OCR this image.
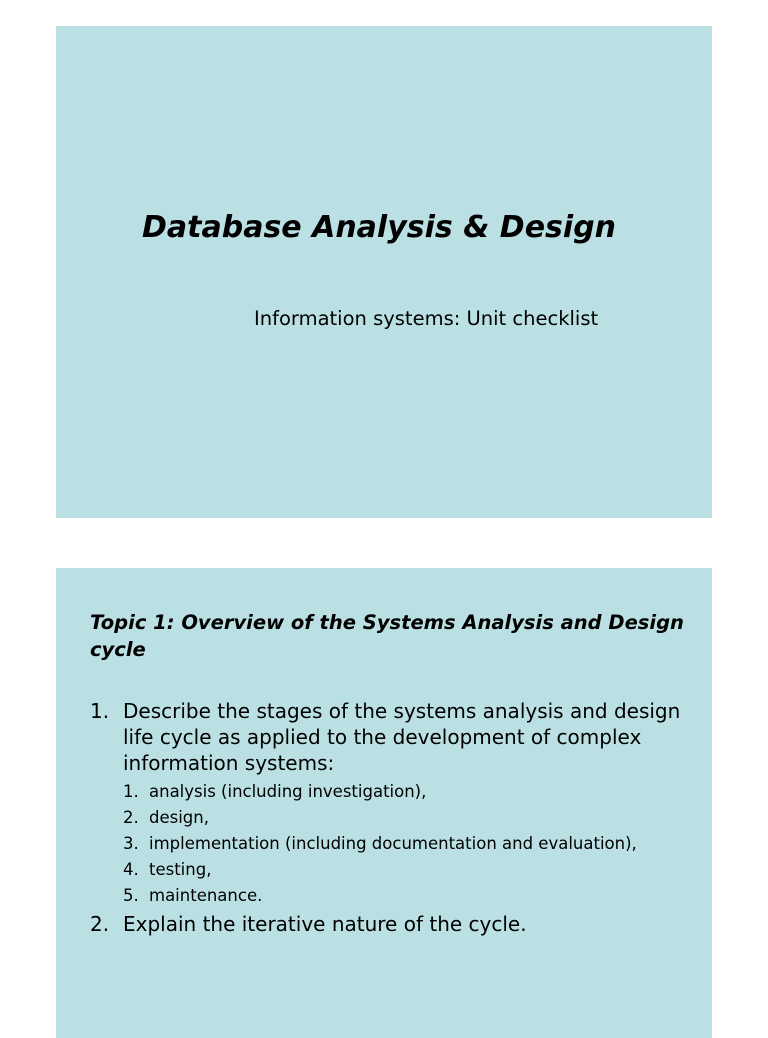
Database Analysis & Design

Information systems: Unit checklist

Topic 1: Overview of the Systems Analysis and Design cycle
1. Describe the stages of the systems analysis and design life cycle as applied to the development of complex information systems:
1. analysis (including investigation),
2. design,
3. implementation (including documentation and evaluation),
4. testing,
5. maintenance.
2. Explain the iterative nature of the cycle.
